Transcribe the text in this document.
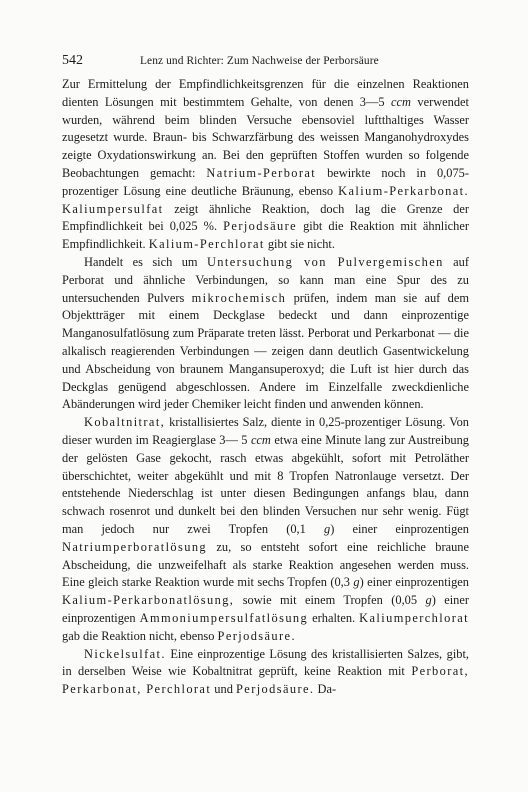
542	Lenz und Richter: Zum Nachweise der Perborsäure

Zur Ermittelung der Empfindlichkeitsgrenzen für die einzelnen Reaktionen dienten Lösungen mit bestimmtem Gehalte, von denen 3—5 ccm verwendet wurden, während beim blinden Versuche ebensoviel luftthaltiges Wasser zugesetzt wurde. Braun- bis Schwarzfärbung des weissen Manganohydroxydes zeigte Oxydationswirkung an. Bei den geprüften Stoffen wurden so folgende Beobachtungen gemacht: Natrium-Perborat bewirkte noch in 0,075-prozentiger Lösung eine deutliche Bräunung, ebenso Kalium-Perkarbonat. Kaliumpersulfat zeigt ähnliche Reaktion, doch lag die Grenze der Empfindlichkeit bei 0,025 %. Perjodsäure gibt die Reaktion mit ähnlicher Empfindlichkeit. Kalium-Perchlorat gibt sie nicht.

Handelt es sich um Untersuchung von Pulvergemischen auf Perborat und ähnliche Verbindungen, so kann man eine Spur des zu untersuchenden Pulvers mikrochemisch prüfen, indem man sie auf dem Objektträger mit einem Deckglase bedeckt und dann einprozentige Manganosulfatlösung zum Präparate treten lässt. Perborat und Perkarbonat — die alkalisch reagierenden Verbindungen — zeigen dann deutlich Gasentwickelung und Abscheidung von braunem Mangansuperoxyd; die Luft ist hier durch das Deckglas genügend abgeschlossen. Andere im Einzelfalle zweckdienliche Abänderungen wird jeder Chemiker leicht finden und anwenden können.

Kobaltnitrat, kristallisiertes Salz, diente in 0,25-prozentiger Lösung. Von dieser wurden im Reagierglase 3— 5 ccm etwa eine Minute lang zur Austreibung der gelösten Gase gekocht, rasch etwas abgekühlt, sofort mit Petroläther überschichtet, weiter abgekühlt und mit 8 Tropfen Natronlauge versetzt. Der entstehende Niederschlag ist unter diesen Bedingungen anfangs blau, dann schwach rosenrot und dunkelt bei den blinden Versuchen nur sehr wenig. Fügt man jedoch nur zwei Tropfen (0,1 g) einer einprozentigen Natriumperboratlösung zu, so entsteht sofort eine reichliche braune Abscheidung, die unzweifelhaft als starke Reaktion angesehen werden muss. Eine gleich starke Reaktion wurde mit sechs Tropfen (0,3 g) einer einprozentigen Kalium-Perkarbonatlösung, sowie mit einem Tropfen (0,05 g) einer einprozentigen Ammoniumpersulfatlösung erhalten. Kaliumperchlorat gab die Reaktion nicht, ebenso Perjodsäure.

Nickelsulfat. Eine einprozentige Lösung des kristallisierten Salzes, gibt, in derselben Weise wie Kobaltnitrat geprüft, keine Reaktion mit Perborat, Perkarbonat, Perchlorat und Perjodsäure. Da-
